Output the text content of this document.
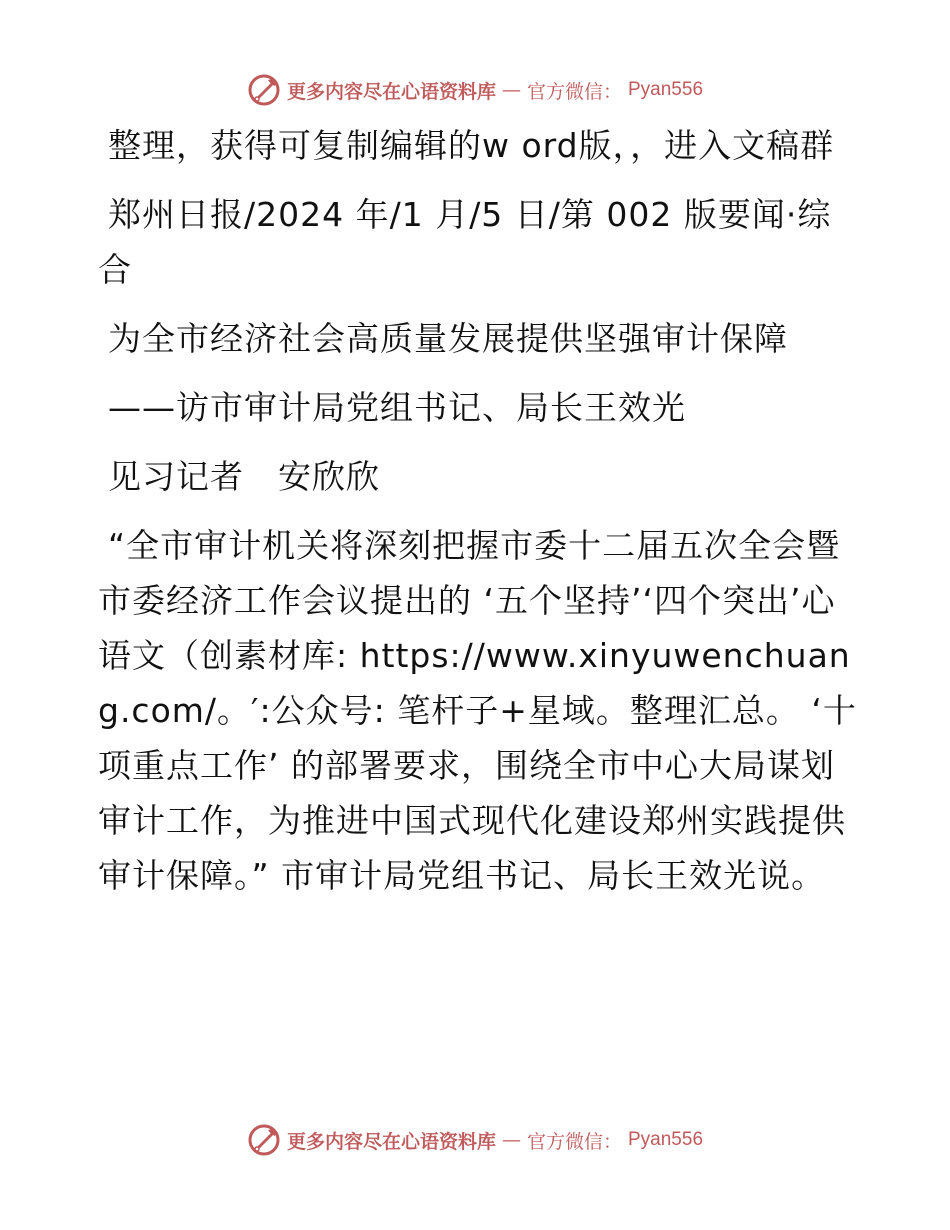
更多内容尽在心语资料库 — 官方微信： Pyan556

整理，获得可复制编辑的w ord版，，进入文稿群

郑州日报/2024 年/1 月/5 日/第 002 版要闻·综合

为全市经济社会高质量发展提供坚强审计保障

——访市审计局党组书记、局长王效光

见习记者　安欣欣

“全市审计机关将深刻把握市委十二届五次全会暨市委经济工作会议提出的 ‘五个坚持’‘四个突出’心语文（创素材库: https://www.xinyuwenchuang.com/。′:公众号: 笔杆子+星域。整理汇总。 ‘十项重点工作’ 的部署要求，围绕全市中心大局谋划审计工作，为推进中国式现代化建设郑州实践提供审计保障。” 市审计局党组书记、局长王效光说。

更多内容尽在心语资料库 — 官方微信： Pyan556
